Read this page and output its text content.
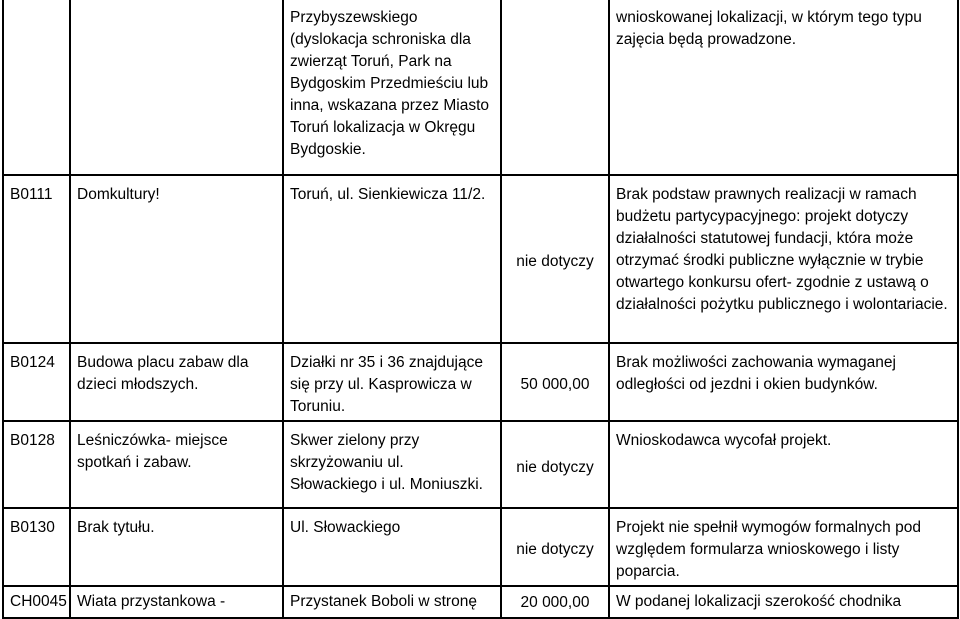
		Przybyszewskiego (dyslokacja schroniska dla zwierząt Toruń, Park na Bydgoskim Przedmieściu lub inna, wskazana przez Miasto Toruń lokalizacja w Okręgu Bydgoskie.		wnioskowanej lokalizacji, w którym tego typu zajęcia będą prowadzone.
B0111	Domkultury!	Toruń, ul. Sienkiewicza 11/2.	nie dotyczy	Brak podstaw prawnych realizacji w ramach budżetu partycypacyjnego: projekt dotyczy działalności statutowej fundacji, która może otrzymać środki publiczne wyłącznie w trybie otwartego konkursu ofert- zgodnie z ustawą o działalności pożytku publicznego i wolontariacie.
B0124	Budowa placu zabaw dla dzieci młodszych.	Działki nr 35 i 36 znajdujące się przy ul. Kasprowicza w Toruniu.	50 000,00	Brak możliwości zachowania wymaganej odległości od jezdni i okien budynków.
B0128	Leśniczówka- miejsce spotkań i zabaw.	Skwer zielony przy skrzyżowaniu ul. Słowackiego i ul. Moniuszki.	nie dotyczy	Wnioskodawca wycofał projekt.
B0130	Brak tytułu.	Ul. Słowackiego	nie dotyczy	Projekt nie spełnił wymogów formalnych pod względem formularza wnioskowego i listy poparcia.
CH0045	Wiata przystankowa -	Przystanek Boboli w stronę	20 000,00	W podanej lokalizacji szerokość chodnika
